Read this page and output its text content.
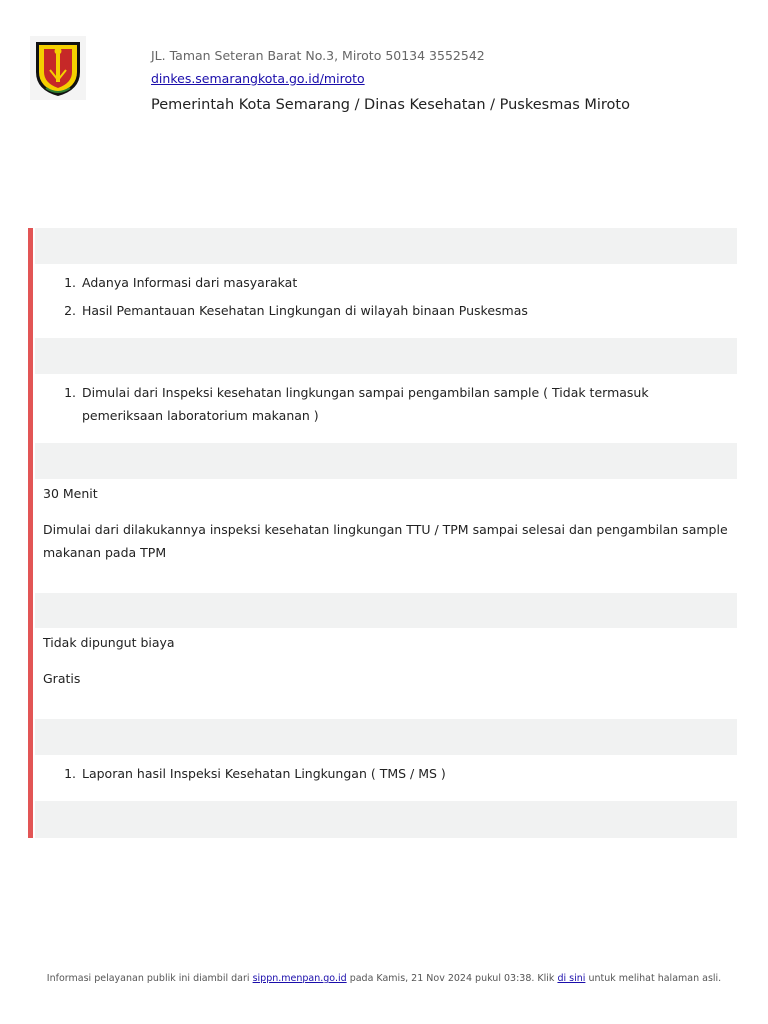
JL. Taman Seteran Barat No.3, Miroto 50134 3552542
dinkes.semarangkota.go.id/miroto
Pemerintah Kota Semarang / Dinas Kesehatan / Puskesmas Miroto
1. Adanya Informasi dari masyarakat
2. Hasil Pemantauan Kesehatan Lingkungan di wilayah binaan Puskesmas
1. Dimulai dari Inspeksi kesehatan lingkungan sampai pengambilan sample ( Tidak termasuk pemeriksaan laboratorium makanan )
30 Menit
Dimulai dari dilakukannya inspeksi kesehatan lingkungan TTU / TPM sampai selesai dan pengambilan sample makanan pada TPM
Tidak dipungut biaya
Gratis
1. Laporan hasil Inspeksi Kesehatan Lingkungan ( TMS / MS )
Informasi pelayanan publik ini diambil dari sippn.menpan.go.id pada Kamis, 21 Nov 2024 pukul 03:38. Klik di sini untuk melihat halaman asli.
